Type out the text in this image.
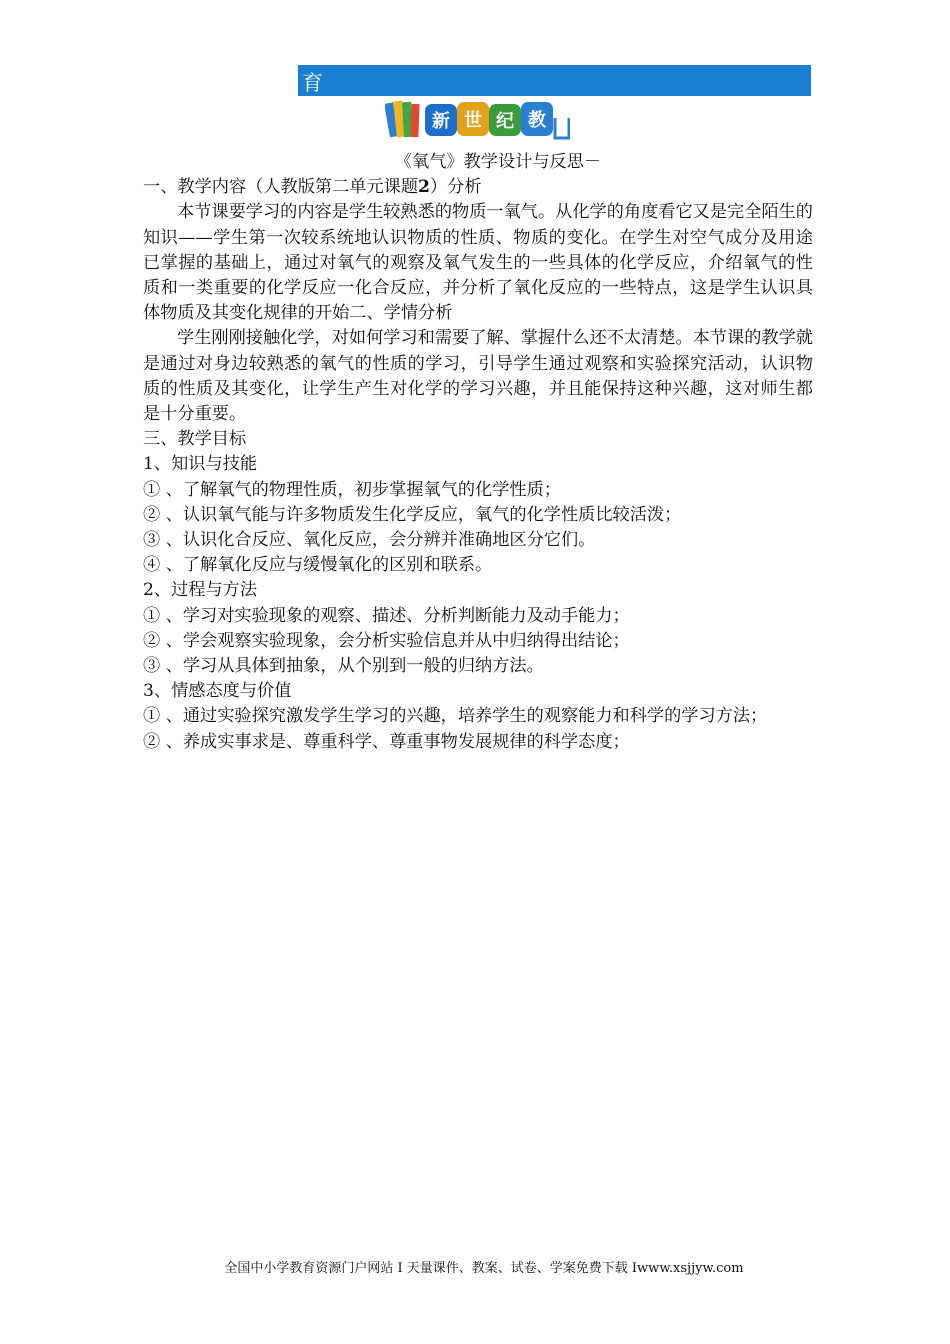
育
新 世 纪 教
《氧气》教学设计与反思－
一、教学内容（人教版第二单元课题2）分析
本节课要学习的内容是学生较熟悉的物质一氧气。从化学的角度看它又是完全陌生的知识——学生第一次较系统地认识物质的性质、物质的变化。在学生对空气成分及用途已掌握的基础上，通过对氧气的观察及氧气发生的一些具体的化学反应，介绍氧气的性质和一类重要的化学反应一化合反应，并分析了氧化反应的一些特点，这是学生认识具体物质及其变化规律的开始二、学情分析
学生刚刚接触化学，对如何学习和需要了解、掌握什么还不太清楚。本节课的教学就是通过对身边较熟悉的氧气的性质的学习，引导学生通过观察和实验探究活动，认识物质的性质及其变化，让学生产生对化学的学习兴趣，并且能保持这种兴趣，这对师生都是十分重要。
三、教学目标
1、知识与技能
① 、了解氧气的物理性质，初步掌握氧气的化学性质；
② 、认识氧气能与许多物质发生化学反应，氧气的化学性质比较活泼；
③ 、认识化合反应、氧化反应，会分辨并准确地区分它们。
④ 、了解氧化反应与缓慢氧化的区别和联系。
2、过程与方法
① 、学习对实验现象的观察、描述、分析判断能力及动手能力；
② 、学会观察实验现象，会分析实验信息并从中归纳得出结论；
③ 、学习从具体到抽象，从个别到一般的归纳方法。
3、情感态度与价值
① 、通过实验探究激发学生学习的兴趣，培养学生的观察能力和科学的学习方法；
② 、养成实事求是、尊重科学、尊重事物发展规律的科学态度；
全国中小学教育资源门户网站 I 天量课件、教案、试卷、学案免费下载 Iwww.xsjjyw.com
